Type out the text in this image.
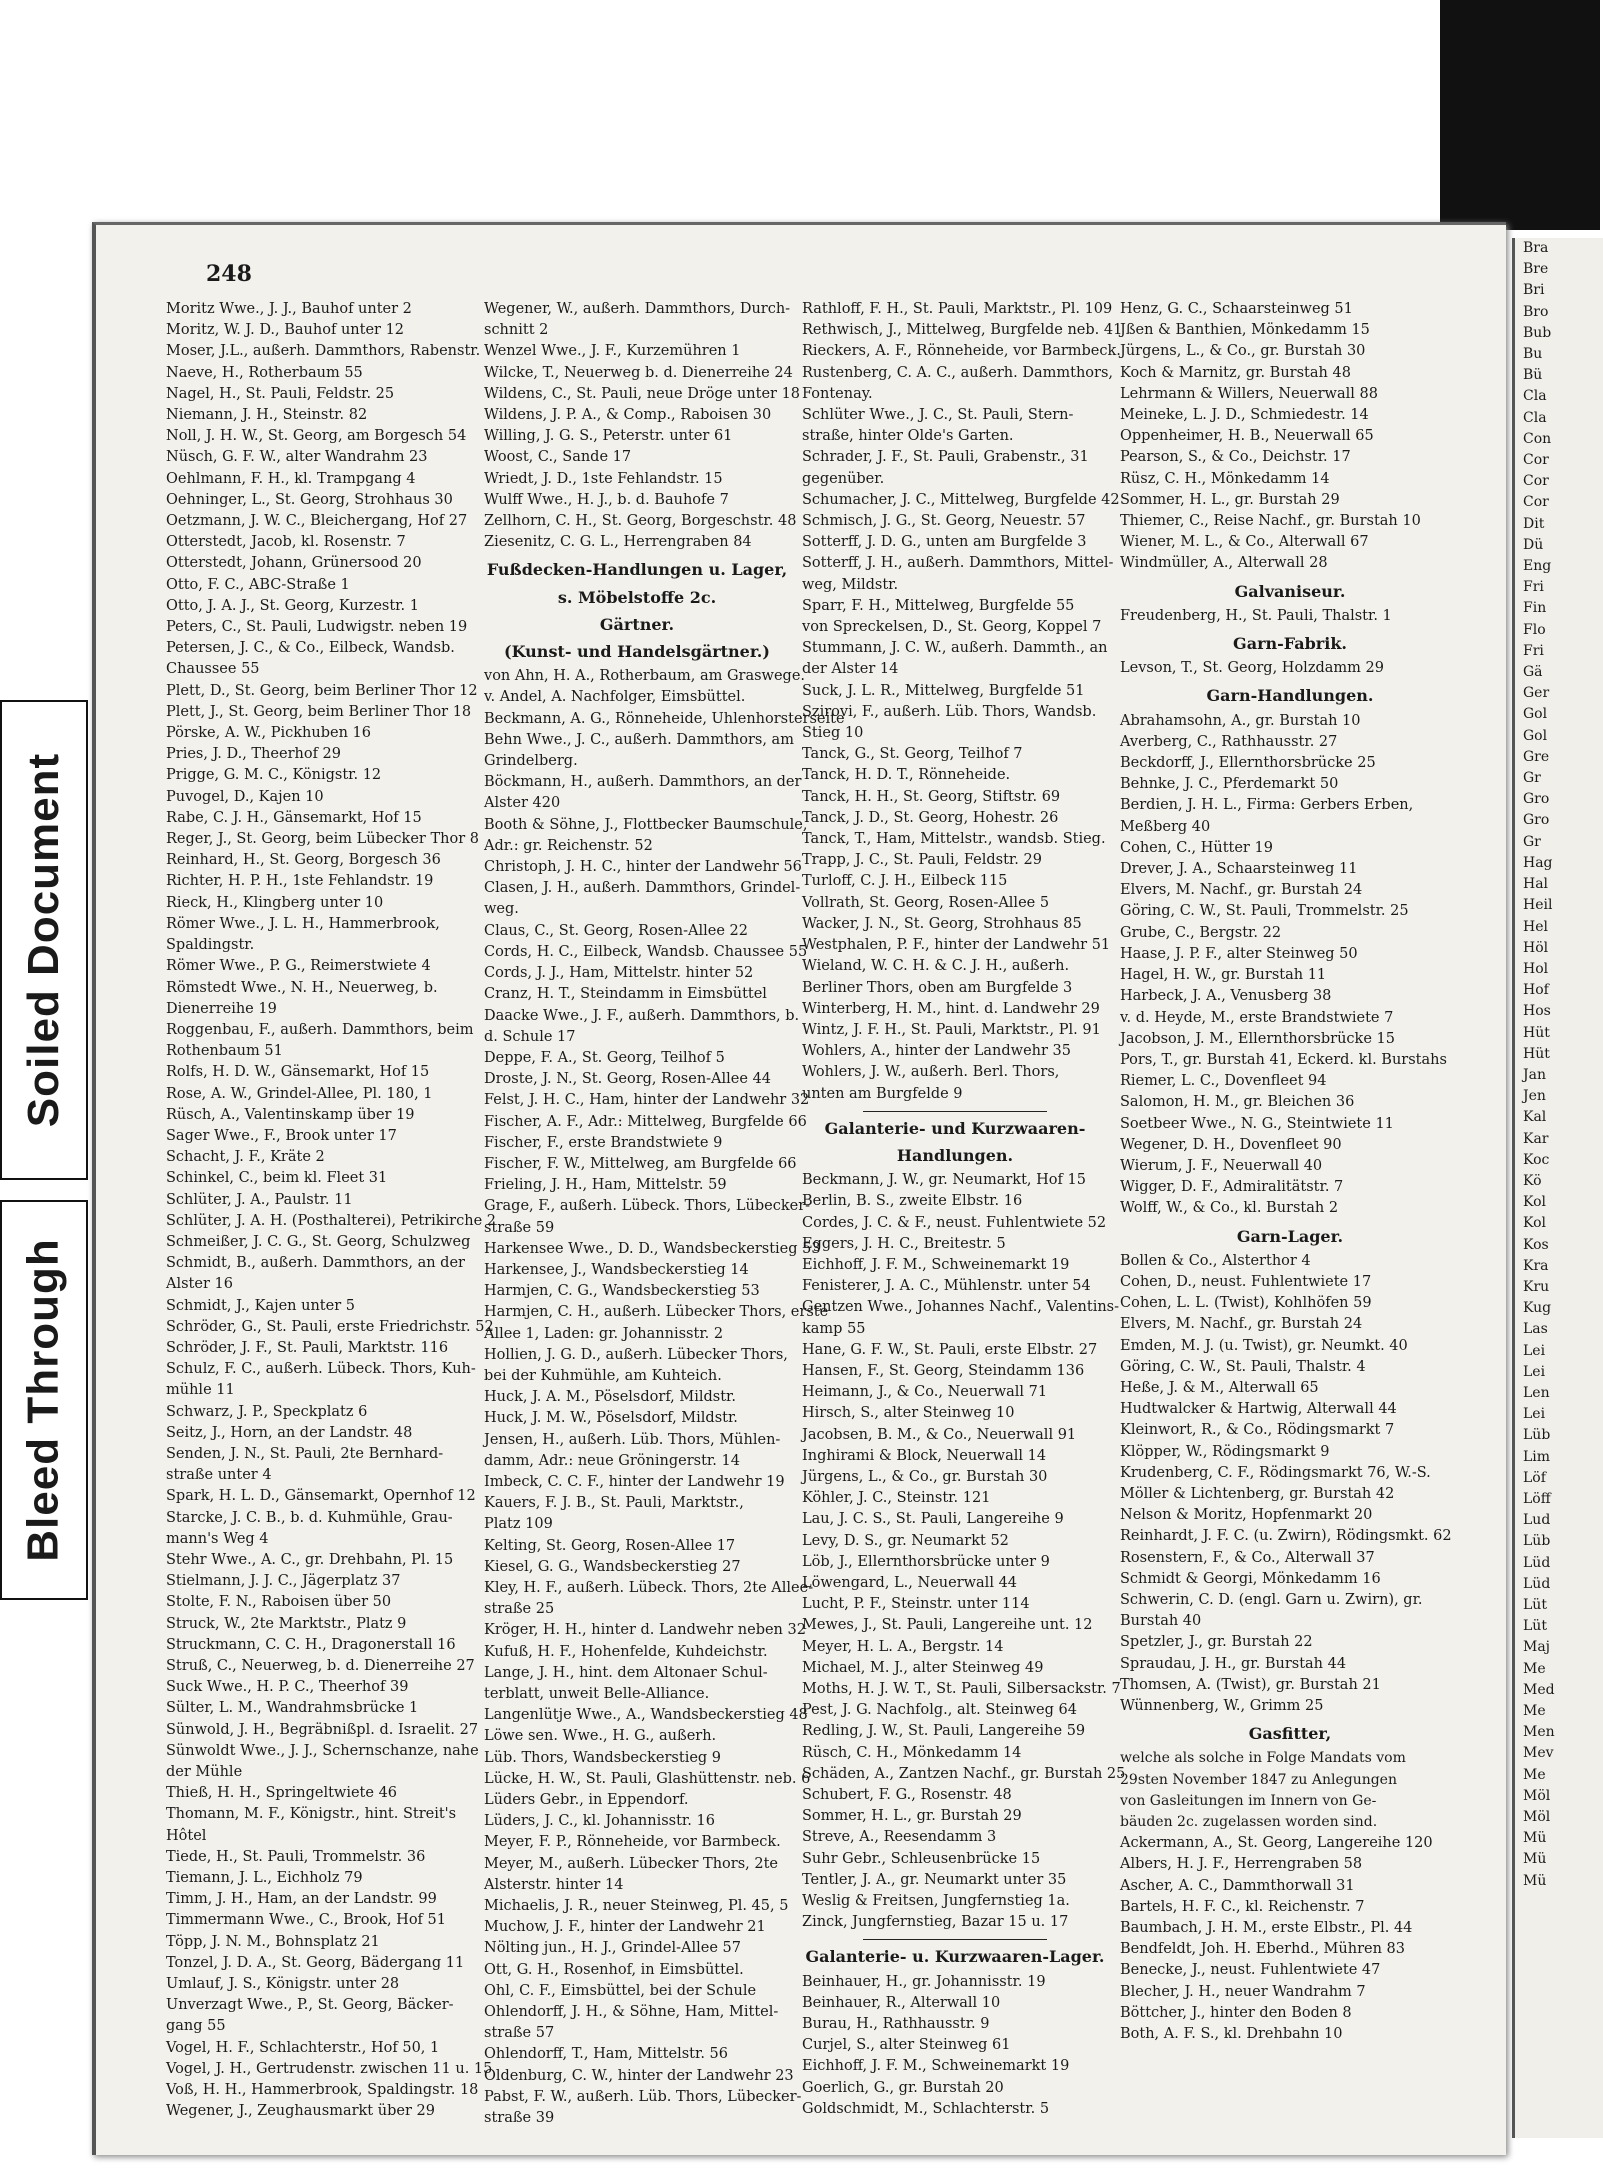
Soiled Document
Bleed Through
248
Moritz Wwe., J. J., Bauhof unter 2
Moritz, W. J. D., Bauhof unter 12
Moser, J.L., außerh. Dammthors, Rabenstr.
Naeve, H., Rotherbaum 55
Nagel, H., St. Pauli, Feldstr. 25
Niemann, J. H., Steinstr. 82
Noll, J. H. W., St. Georg, am Borgesch 54
Nüsch, G. F. W., alter Wandrahm 23
Oehlmann, F. H., kl. Trampgang 4
Oehninger, L., St. Georg, Strohhaus 30
Oetzmann, J. W. C., Bleichergang, Hof 27
Otterstedt, Jacob, kl. Rosenstr. 7
Otterstedt, Johann, Grünersood 20
Otto, F. C., ABC-Straße 1
Otto, J. A. J., St. Georg, Kurzestr. 1
Peters, C., St. Pauli, Ludwigstr. neben 19
Petersen, J. C., & Co., Eilbeck, Wandsb.
Chaussee 55
Plett, D., St. Georg, beim Berliner Thor 12
Plett, J., St. Georg, beim Berliner Thor 18
Pörske, A. W., Pickhuben 16
Pries, J. D., Theerhof 29
Prigge, G. M. C., Königstr. 12
Puvogel, D., Kajen 10
Rabe, C. J. H., Gänsemarkt, Hof 15
Reger, J., St. Georg, beim Lübecker Thor 8
Reinhard, H., St. Georg, Borgesch 36
Richter, H. P. H., 1ste Fehlandstr. 19
Rieck, H., Klingberg unter 10
Römer Wwe., J. L. H., Hammerbrook,
Spaldingstr.
Römer Wwe., P. G., Reimerstwiete 4
Römstedt Wwe., N. H., Neuerweg, b.
Dienerreihe 19
Roggenbau, F., außerh. Dammthors, beim
Rothenbaum 51
Rolfs, H. D. W., Gänsemarkt, Hof 15
Rose, A. W., Grindel-Allee, Pl. 180, 1
Rüsch, A., Valentinskamp über 19
Sager Wwe., F., Brook unter 17
Schacht, J. F., Kräte 2
Schinkel, C., beim kl. Fleet 31
Schlüter, J. A., Paulstr. 11
Schlüter, J. A. H. (Posthalterei), Petrikirche 2
Schmeißer, J. C. G., St. Georg, Schulzweg
Schmidt, B., außerh. Dammthors, an der
Alster 16
Schmidt, J., Kajen unter 5
Schröder, G., St. Pauli, erste Friedrichstr. 52
Schröder, J. F., St. Pauli, Marktstr. 116
Schulz, F. C., außerh. Lübeck. Thors, Kuh-
mühle 11
Schwarz, J. P., Speckplatz 6
Seitz, J., Horn, an der Landstr. 48
Senden, J. N., St. Pauli, 2te Bernhard-
straße unter 4
Spark, H. L. D., Gänsemarkt, Opernhof 12
Starcke, J. C. B., b. d. Kuhmühle, Grau-
mann's Weg 4
Stehr Wwe., A. C., gr. Drehbahn, Pl. 15
Stielmann, J. J. C., Jägerplatz 37
Stolte, F. N., Raboisen über 50
Struck, W., 2te Marktstr., Platz 9
Struckmann, C. C. H., Dragonerstall 16
Struß, C., Neuerweg, b. d. Dienerreihe 27
Suck Wwe., H. P. C., Theerhof 39
Sülter, L. M., Wandrahmsbrücke 1
Sünwold, J. H., Begräbnißpl. d. Israelit. 27
Sünwoldt Wwe., J. J., Schernschanze, nahe
der Mühle
Thieß, H. H., Springeltwiete 46
Thomann, M. F., Königstr., hint. Streit's
Hôtel
Tiede, H., St. Pauli, Trommelstr. 36
Tiemann, J. L., Eichholz 79
Timm, J. H., Ham, an der Landstr. 99
Timmermann Wwe., C., Brook, Hof 51
Töpp, J. N. M., Bohnsplatz 21
Tonzel, J. D. A., St. Georg, Bädergang 11
Umlauf, J. S., Königstr. unter 28
Unverzagt Wwe., P., St. Georg, Bäcker-
gang 55
Vogel, H. F., Schlachterstr., Hof 50, 1
Vogel, J. H., Gertrudenstr. zwischen 11 u. 15
Voß, H. H., Hammerbrook, Spaldingstr. 18
Wegener, J., Zeughausmarkt über 29
Wegener, W., außerh. Dammthors, Durch-
schnitt 2
Wenzel Wwe., J. F., Kurzemühren 1
Wilcke, T., Neuerweg b. d. Dienerreihe 24
Wildens, C., St. Pauli, neue Dröge unter 18
Wildens, J. P. A., & Comp., Raboisen 30
Willing, J. G. S., Peterstr. unter 61
Woost, C., Sande 17
Wriedt, J. D., 1ste Fehlandstr. 15
Wulff Wwe., H. J., b. d. Bauhofe 7
Zellhorn, C. H., St. Georg, Borgeschstr. 48
Ziesenitz, C. G. L., Herrengraben 84
Fußdecken-Handlungen u. Lager,
s. Möbelstoffe 2c.
Gärtner.
(Kunst- und Handelsgärtner.)
von Ahn, H. A., Rotherbaum, am Graswege.
v. Andel, A. Nachfolger, Eimsbüttel.
Beckmann, A. G., Rönneheide, Uhlenhorsterseite
Behn Wwe., J. C., außerh. Dammthors, am
Grindelberg.
Böckmann, H., außerh. Dammthors, an der
Alster 420
Booth & Söhne, J., Flottbecker Baumschule,
Adr.: gr. Reichenstr. 52
Christoph, J. H. C., hinter der Landwehr 56
Clasen, J. H., außerh. Dammthors, Grindel-
weg.
Claus, C., St. Georg, Rosen-Allee 22
Cords, H. C., Eilbeck, Wandsb. Chaussee 55
Cords, J. J., Ham, Mittelstr. hinter 52
Cranz, H. T., Steindamm in Eimsbüttel
Daacke Wwe., J. F., außerh. Dammthors, b.
d. Schule 17
Deppe, F. A., St. Georg, Teilhof 5
Droste, J. N., St. Georg, Rosen-Allee 44
Felst, J. H. C., Ham, hinter der Landwehr 32
Fischer, A. F., Adr.: Mittelweg, Burgfelde 66
Fischer, F., erste Brandstwiete 9
Fischer, F. W., Mittelweg, am Burgfelde 66
Frieling, J. H., Ham, Mittelstr. 59
Grage, F., außerh. Lübeck. Thors, Lübecker-
straße 59
Harkensee Wwe., D. D., Wandsbeckerstieg 53
Harkensee, J., Wandsbeckerstieg 14
Harmjen, C. G., Wandsbeckerstieg 53
Harmjen, C. H., außerh. Lübecker Thors, erste
Allee 1, Laden: gr. Johannisstr. 2
Hollien, J. G. D., außerh. Lübecker Thors,
bei der Kuhmühle, am Kuhteich.
Huck, J. A. M., Pöselsdorf, Mildstr.
Huck, J. M. W., Pöselsdorf, Mildstr.
Jensen, H., außerh. Lüb. Thors, Mühlen-
damm, Adr.: neue Gröningerstr. 14
Imbeck, C. C. F., hinter der Landwehr 19
Kauers, F. J. B., St. Pauli, Marktstr.,
Platz 109
Kelting, St. Georg, Rosen-Allee 17
Kiesel, G. G., Wandsbeckerstieg 27
Kley, H. F., außerh. Lübeck. Thors, 2te Allee-
straße 25
Kröger, H. H., hinter d. Landwehr neben 32
Kufuß, H. F., Hohenfelde, Kuhdeichstr.
Lange, J. H., hint. dem Altonaer Schul-
terblatt, unweit Belle-Alliance.
Langenlütje Wwe., A., Wandsbeckerstieg 48
Löwe sen. Wwe., H. G., außerh.
Lüb. Thors, Wandsbeckerstieg 9
Lücke, H. W., St. Pauli, Glashüttenstr. neb. 6
Lüders Gebr., in Eppendorf.
Lüders, J. C., kl. Johannisstr. 16
Meyer, F. P., Rönneheide, vor Barmbeck.
Meyer, M., außerh. Lübecker Thors, 2te
Alsterstr. hinter 14
Michaelis, J. R., neuer Steinweg, Pl. 45, 5
Muchow, J. F., hinter der Landwehr 21
Nölting jun., H. J., Grindel-Allee 57
Ott, G. H., Rosenhof, in Eimsbüttel.
Ohl, C. F., Eimsbüttel, bei der Schule
Ohlendorff, J. H., & Söhne, Ham, Mittel-
straße 57
Ohlendorff, T., Ham, Mittelstr. 56
Oldenburg, C. W., hinter der Landwehr 23
Pabst, F. W., außerh. Lüb. Thors, Lübecker-
straße 39
Rathloff, F. H., St. Pauli, Marktstr., Pl. 109
Rethwisch, J., Mittelweg, Burgfelde neb. 41
Rieckers, A. F., Rönneheide, vor Barmbeck.
Rustenberg, C. A. C., außerh. Dammthors,
Fontenay.
Schlüter Wwe., J. C., St. Pauli, Stern-
straße, hinter Olde's Garten.
Schrader, J. F., St. Pauli, Grabenstr., 31
gegenüber.
Schumacher, J. C., Mittelweg, Burgfelde 42
Schmisch, J. G., St. Georg, Neuestr. 57
Sotterff, J. D. G., unten am Burgfelde 3
Sotterff, J. H., außerh. Dammthors, Mittel-
weg, Mildstr.
Sparr, F. H., Mittelweg, Burgfelde 55
von Spreckelsen, D., St. Georg, Koppel 7
Stummann, J. C. W., außerh. Dammth., an
der Alster 14
Suck, J. L. R., Mittelweg, Burgfelde 51
Szirovi, F., außerh. Lüb. Thors, Wandsb.
Stieg 10
Tanck, G., St. Georg, Teilhof 7
Tanck, H. D. T., Rönneheide.
Tanck, H. H., St. Georg, Stiftstr. 69
Tanck, J. D., St. Georg, Hohestr. 26
Tanck, T., Ham, Mittelstr., wandsb. Stieg.
Trapp, J. C., St. Pauli, Feldstr. 29
Turloff, C. J. H., Eilbeck 115
Vollrath, St. Georg, Rosen-Allee 5
Wacker, J. N., St. Georg, Strohhaus 85
Westphalen, P. F., hinter der Landwehr 51
Wieland, W. C. H. & C. J. H., außerh.
Berliner Thors, oben am Burgfelde 3
Winterberg, H. M., hint. d. Landwehr 29
Wintz, J. F. H., St. Pauli, Marktstr., Pl. 91
Wohlers, A., hinter der Landwehr 35
Wohlers, J. W., außerh. Berl. Thors,
unten am Burgfelde 9
Galanterie- und Kurzwaaren-
Handlungen.
Beckmann, J. W., gr. Neumarkt, Hof 15
Berlin, B. S., zweite Elbstr. 16
Cordes, J. C. & F., neust. Fuhlentwiete 52
Eggers, J. H. C., Breitestr. 5
Eichhoff, J. F. M., Schweinemarkt 19
Fenisterer, J. A. C., Mühlenstr. unter 54
Gentzen Wwe., Johannes Nachf., Valentins-
kamp 55
Hane, G. F. W., St. Pauli, erste Elbstr. 27
Hansen, F., St. Georg, Steindamm 136
Heimann, J., & Co., Neuerwall 71
Hirsch, S., alter Steinweg 10
Jacobsen, B. M., & Co., Neuerwall 91
Inghirami & Block, Neuerwall 14
Jürgens, L., & Co., gr. Burstah 30
Köhler, J. C., Steinstr. 121
Lau, J. C. S., St. Pauli, Langereihe 9
Levy, D. S., gr. Neumarkt 52
Löb, J., Ellernthorsbrücke unter 9
Löwengard, L., Neuerwall 44
Lucht, P. F., Steinstr. unter 114
Mewes, J., St. Pauli, Langereihe unt. 12
Meyer, H. L. A., Bergstr. 14
Michael, M. J., alter Steinweg 49
Moths, H. J. W. T., St. Pauli, Silbersackstr. 7
Pest, J. G. Nachfolg., alt. Steinweg 64
Redling, J. W., St. Pauli, Langereihe 59
Rüsch, C. H., Mönkedamm 14
Schäden, A., Zantzen Nachf., gr. Burstah 25
Schubert, F. G., Rosenstr. 48
Sommer, H. L., gr. Burstah 29
Streve, A., Reesendamm 3
Suhr Gebr., Schleusenbrücke 15
Tentler, J. A., gr. Neumarkt unter 35
Weslig & Freitsen, Jungfernstieg 1a.
Zinck, Jungfernstieg, Bazar 15 u. 17
Galanterie- u. Kurzwaaren-Lager.
Beinhauer, H., gr. Johannisstr. 19
Beinhauer, R., Alterwall 10
Burau, H., Rathhausstr. 9
Curjel, S., alter Steinweg 61
Eichhoff, J. F. M., Schweinemarkt 19
Goerlich, G., gr. Burstah 20
Goldschmidt, M., Schlachterstr. 5
Henz, G. C., Schaarsteinweg 51
Jßen & Banthien, Mönkedamm 15
Jürgens, L., & Co., gr. Burstah 30
Koch & Marnitz, gr. Burstah 48
Lehrmann & Willers, Neuerwall 88
Meineke, L. J. D., Schmiedestr. 14
Oppenheimer, H. B., Neuerwall 65
Pearson, S., & Co., Deichstr. 17
Rüsz, C. H., Mönkedamm 14
Sommer, H. L., gr. Burstah 29
Thiemer, C., Reise Nachf., gr. Burstah 10
Wiener, M. L., & Co., Alterwall 67
Windmüller, A., Alterwall 28
Galvaniseur.
Freudenberg, H., St. Pauli, Thalstr. 1
Garn-Fabrik.
Levson, T., St. Georg, Holzdamm 29
Garn-Handlungen.
Abrahamsohn, A., gr. Burstah 10
Averberg, C., Rathhausstr. 27
Beckdorff, J., Ellernthorsbrücke 25
Behnke, J. C., Pferdemarkt 50
Berdien, J. H. L., Firma: Gerbers Erben,
Meßberg 40
Cohen, C., Hütter 19
Drever, J. A., Schaarsteinweg 11
Elvers, M. Nachf., gr. Burstah 24
Göring, C. W., St. Pauli, Trommelstr. 25
Grube, C., Bergstr. 22
Haase, J. P. F., alter Steinweg 50
Hagel, H. W., gr. Burstah 11
Harbeck, J. A., Venusberg 38
v. d. Heyde, M., erste Brandstwiete 7
Jacobson, J. M., Ellernthorsbrücke 15
Pors, T., gr. Burstah 41, Eckerd. kl. Burstahs
Riemer, L. C., Dovenfleet 94
Salomon, H. M., gr. Bleichen 36
Soetbeer Wwe., N. G., Steintwiete 11
Wegener, D. H., Dovenfleet 90
Wierum, J. F., Neuerwall 40
Wigger, D. F., Admiralitätstr. 7
Wolff, W., & Co., kl. Burstah 2
Garn-Lager.
Bollen & Co., Alsterthor 4
Cohen, D., neust. Fuhlentwiete 17
Cohen, L. L. (Twist), Kohlhöfen 59
Elvers, M. Nachf., gr. Burstah 24
Emden, M. J. (u. Twist), gr. Neumkt. 40
Göring, C. W., St. Pauli, Thalstr. 4
Heße, J. & M., Alterwall 65
Hudtwalcker & Hartwig, Alterwall 44
Kleinwort, R., & Co., Rödingsmarkt 7
Klöpper, W., Rödingsmarkt 9
Krudenberg, C. F., Rödingsmarkt 76, W.-S.
Möller & Lichtenberg, gr. Burstah 42
Nelson & Moritz, Hopfenmarkt 20
Reinhardt, J. F. C. (u. Zwirn), Rödingsmkt. 62
Rosenstern, F., & Co., Alterwall 37
Schmidt & Georgi, Mönkedamm 16
Schwerin, C. D. (engl. Garn u. Zwirn), gr.
Burstah 40
Spetzler, J., gr. Burstah 22
Spraudau, J. H., gr. Burstah 44
Thomsen, A. (Twist), gr. Burstah 21
Wünnenberg, W., Grimm 25
Gasfitter,
welche als solche in Folge Mandats vom
29sten November 1847 zu Anlegungen
von Gasleitungen im Innern von Ge-
bäuden 2c. zugelassen worden sind.
Ackermann, A., St. Georg, Langereihe 120
Albers, H. J. F., Herrengraben 58
Ascher, A. C., Dammthorwall 31
Bartels, H. F. C., kl. Reichenstr. 7
Baumbach, J. H. M., erste Elbstr., Pl. 44
Bendfeldt, Joh. H. Eberhd., Mühren 83
Benecke, J., neust. Fuhlentwiete 47
Blecher, J. H., neuer Wandrahm 7
Böttcher, J., hinter den Boden 8
Both, A. F. S., kl. Drehbahn 10
Bra
Bre
Bri
Bro
Bub
Bu
Bü
Cla
Cla
Con
Cor
Cor
Cor
Dit
Dü
Eng
Fri
Fin
Flo
Fri
Gä
Ger
Gol
Gol
Gre
Gr
Gro
Gro
Gr
Hag
Hal
Heil
Hel
Höl
Hol
Hof
Hos
Hüt
Hüt
Jan
Jen
Kal
Kar
Koc
Kö
Kol
Kol
Kos
Kra
Kru
Kug
Las
Lei
Lei
Len
Lei
Lüb
Lim
Löf
Löff
Lud
Lüb
Lüd
Lüd
Lüt
Lüt
Maj
Me
Med
Me
Men
Mev
Me
Möl
Möl
Mü
Mü
Mü
